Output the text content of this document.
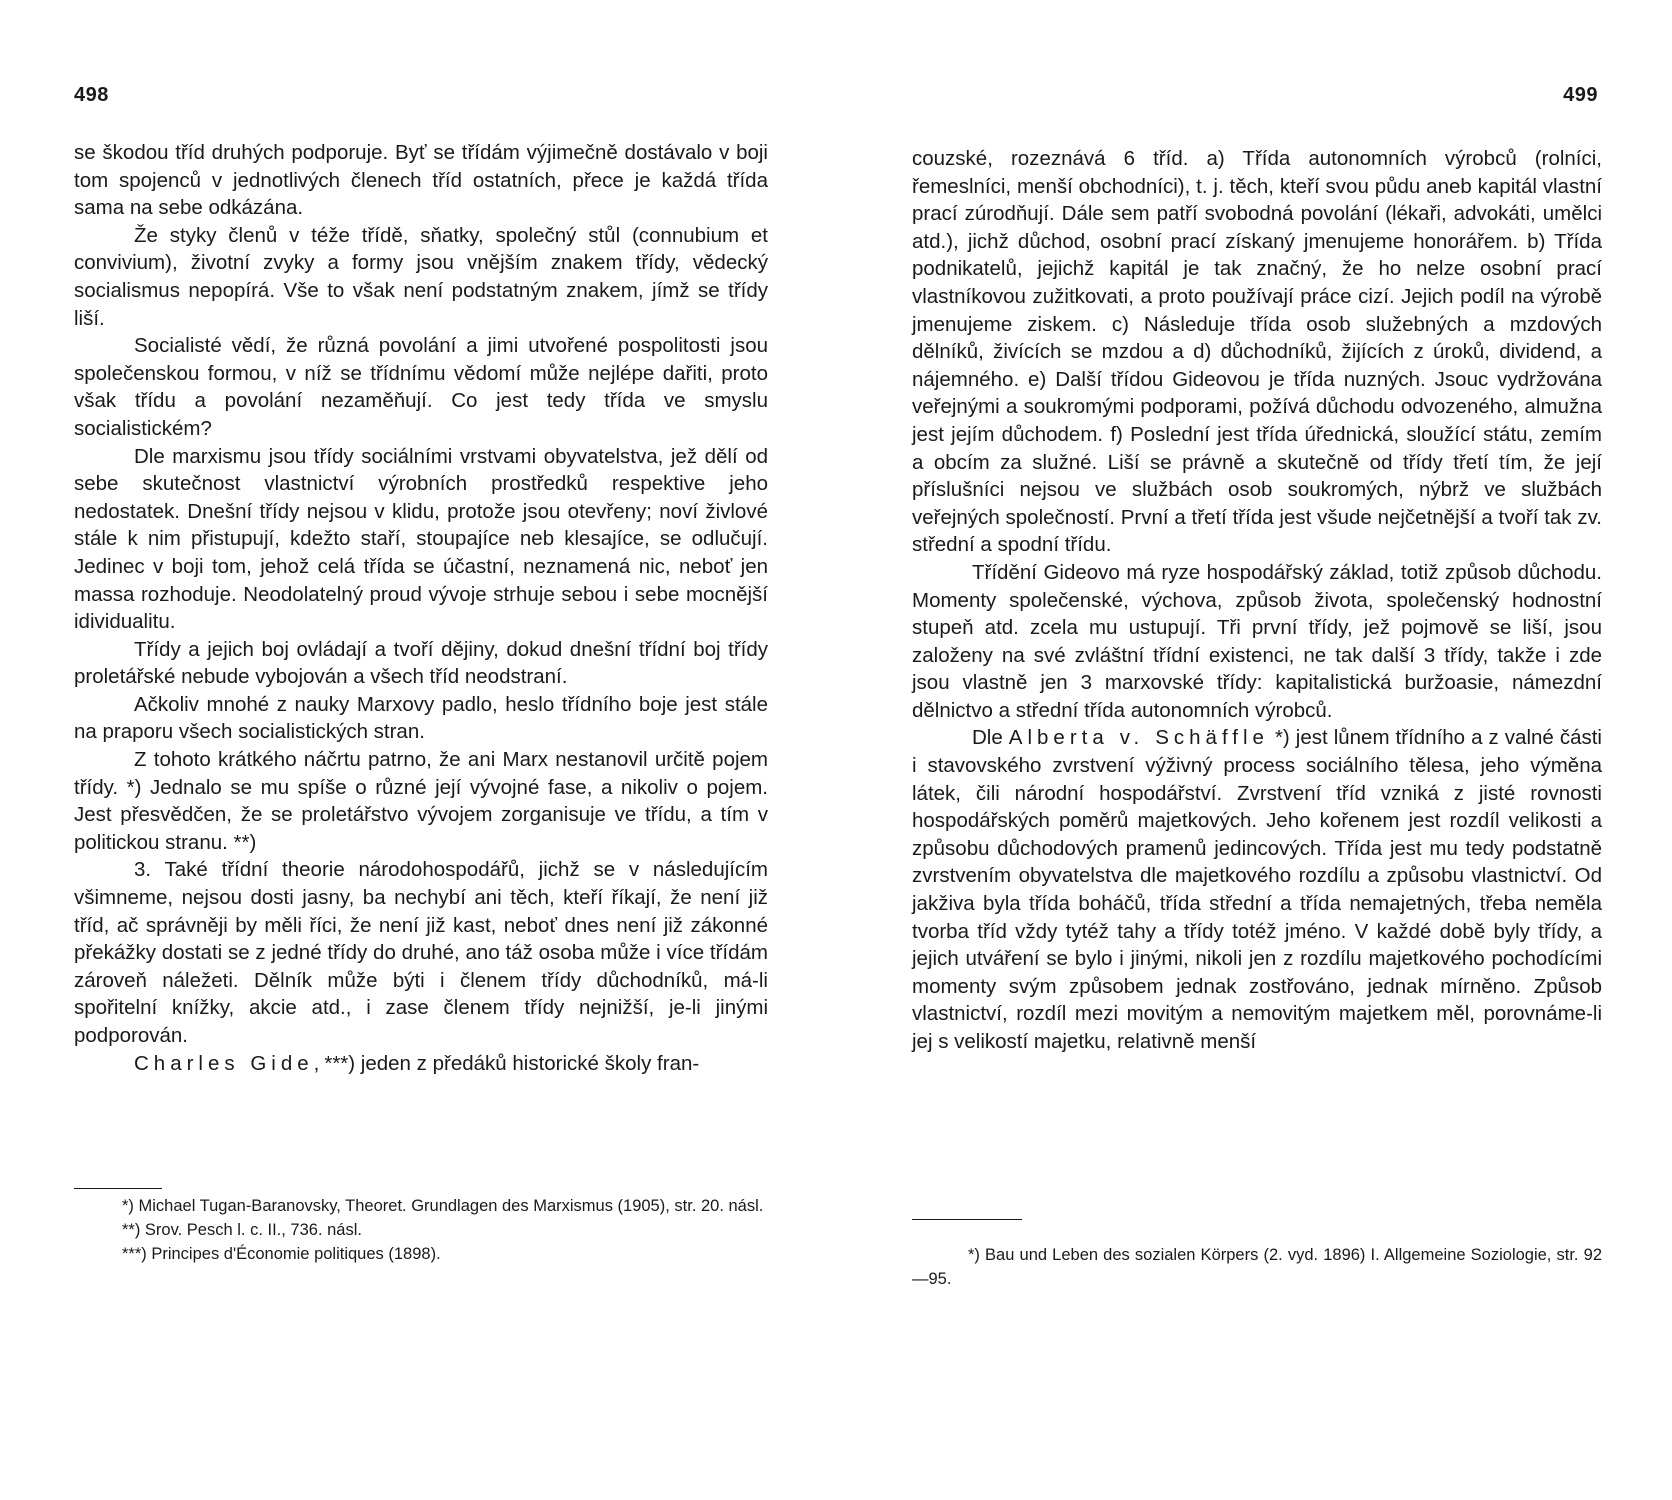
498

se škodou tříd druhých podporuje. Byť se třídám výjimečně dostávalo v boji tom spojenců v jednotlivých členech tříd ostatních, přece je každá třída sama na sebe odkázána.

Že styky členů v téže třídě, sňatky, společný stůl (connubium et convivium), životní zvyky a formy jsou vnějším znakem třídy, vědecký socialismus nepopírá. Vše to však není podstatným znakem, jímž se třídy liší.

Socialisté vědí, že různá povolání a jimi utvořené pospolitosti jsou společenskou formou, v níž se třídnímu vědomí může nejlépe dařiti, proto však třídu a povolání nezaměňují. Co jest tedy třída ve smyslu socialistickém?

Dle marxismu jsou třídy sociálními vrstvami obyvatelstva, jež dělí od sebe skutečnost vlastnictví výrobních prostředků respektive jeho nedostatek. Dnešní třídy nejsou v klidu, protože jsou otevřeny; noví živlové stále k nim přistupují, kdežto staří, stoupajíce neb klesajíce, se odlučují. Jedinec v boji tom, jehož celá třída se účastní, neznamená nic, neboť jen massa rozhoduje. Neodolatelný proud vývoje strhuje sebou i sebe mocnější idividualitu.

Třídy a jejich boj ovládají a tvoří dějiny, dokud dnešní třídní boj třídy proletářské nebude vybojován a všech tříd neodstraní.

Ačkoliv mnohé z nauky Marxovy padlo, heslo třídního boje jest stále na praporu všech socialistických stran.

Z tohoto krátkého náčrtu patrno, že ani Marx nestanovil určitě pojem třídy. *) Jednalo se mu spíše o různé její vývojné fase, a nikoliv o pojem. Jest přesvědčen, že se proletářstvo vývojem zorganisuje ve třídu, a tím v politickou stranu. **)

3. Také třídní theorie národohospodářů, jichž se v následujícím všimneme, nejsou dosti jasny, ba nechybí ani těch, kteří říkají, že není již tříd, ač správněji by měli říci, že není již kast, neboť dnes není již zákonné překážky dostati se z jedné třídy do druhé, ano táž osoba může i více třídám zároveň náležeti. Dělník může býti i členem třídy důchodníků, má-li spořitelní knížky, akcie atd., i zase členem třídy nejnižší, je-li jinými podporován.

Charles Gide,***) jeden z předáků historické školy fran-

*) Michael Tugan-Baranovsky, Theoret. Grundlagen des Marxismus (1905), str. 20. násl.

**) Srov. Pesch l. c. II., 736. násl.

***) Principes d'Économie politiques (1898).

499

couzské, rozeznává 6 tříd. a) Třída autonomních výrobců (rolníci, řemeslníci, menší obchodníci), t. j. těch, kteří svou půdu aneb kapitál vlastní prací zúrodňují. Dále sem patří svobodná povolání (lékaři, advokáti, umělci atd.), jichž důchod, osobní prací získaný jmenujeme honorářem. b) Třída podnikatelů, jejichž kapitál je tak značný, že ho nelze osobní prací vlastníkovou zužitkovati, a proto používají práce cizí. Jejich podíl na výrobě jmenujeme ziskem. c) Následuje třída osob služebných a mzdových dělníků, živících se mzdou a d) důchodníků, žijících z úroků, dividend, a nájemného. e) Další třídou Gideovou je třída nuzných. Jsouc vydržována veřejnými a soukromými podporami, požívá důchodu odvozeného, almužna jest jejím důchodem. f) Poslední jest třída úřednická, sloužící státu, zemím a obcím za služné. Liší se právně a skutečně od třídy třetí tím, že její příslušníci nejsou ve službách osob soukromých, nýbrž ve službách veřejných společností. První a třetí třída jest všude nejčetnější a tvoří tak zv. střední a spodní třídu.

Třídění Gideovo má ryze hospodářský základ, totiž způsob důchodu. Momenty společenské, výchova, způsob života, společenský hodnostní stupeň atd. zcela mu ustupují. Tři první třídy, jež pojmově se liší, jsou založeny na své zvláštní třídní existenci, ne tak další 3 třídy, takže i zde jsou vlastně jen 3 marxovské třídy: kapitalistická buržoasie, námezdní dělnictvo a střední třída autonomních výrobců.

Dle Alberta v. Schäffle *) jest lůnem třídního a z valné části i stavovského zvrstvení výživný process sociálního tělesa, jeho výměna látek, čili národní hospodářství. Zvrstvení tříd vzniká z jisté rovnosti hospodářských poměrů majetkových. Jeho kořenem jest rozdíl velikosti a způsobu důchodových pramenů jedincových. Třída jest mu tedy podstatně zvrstvením obyvatelstva dle majetkového rozdílu a způsobu vlastnictví. Od jakživa byla třída boháčů, třída střední a třída nemajetných, třeba neměla tvorba tříd vždy tytéž tahy a třídy totéž jméno. V každé době byly třídy, a jejich utváření se bylo i jinými, nikoli jen z rozdílu majetkového pochodícími momenty svým způsobem jednak zostřováno, jednak mírněno. Způsob vlastnictví, rozdíl mezi movitým a nemovitým majetkem měl, porovnáme-li jej s velikostí majetku, relativně menší

*) Bau und Leben des sozialen Körpers (2. vyd. 1896) I. Allgemeine Soziologie, str. 92—95.
